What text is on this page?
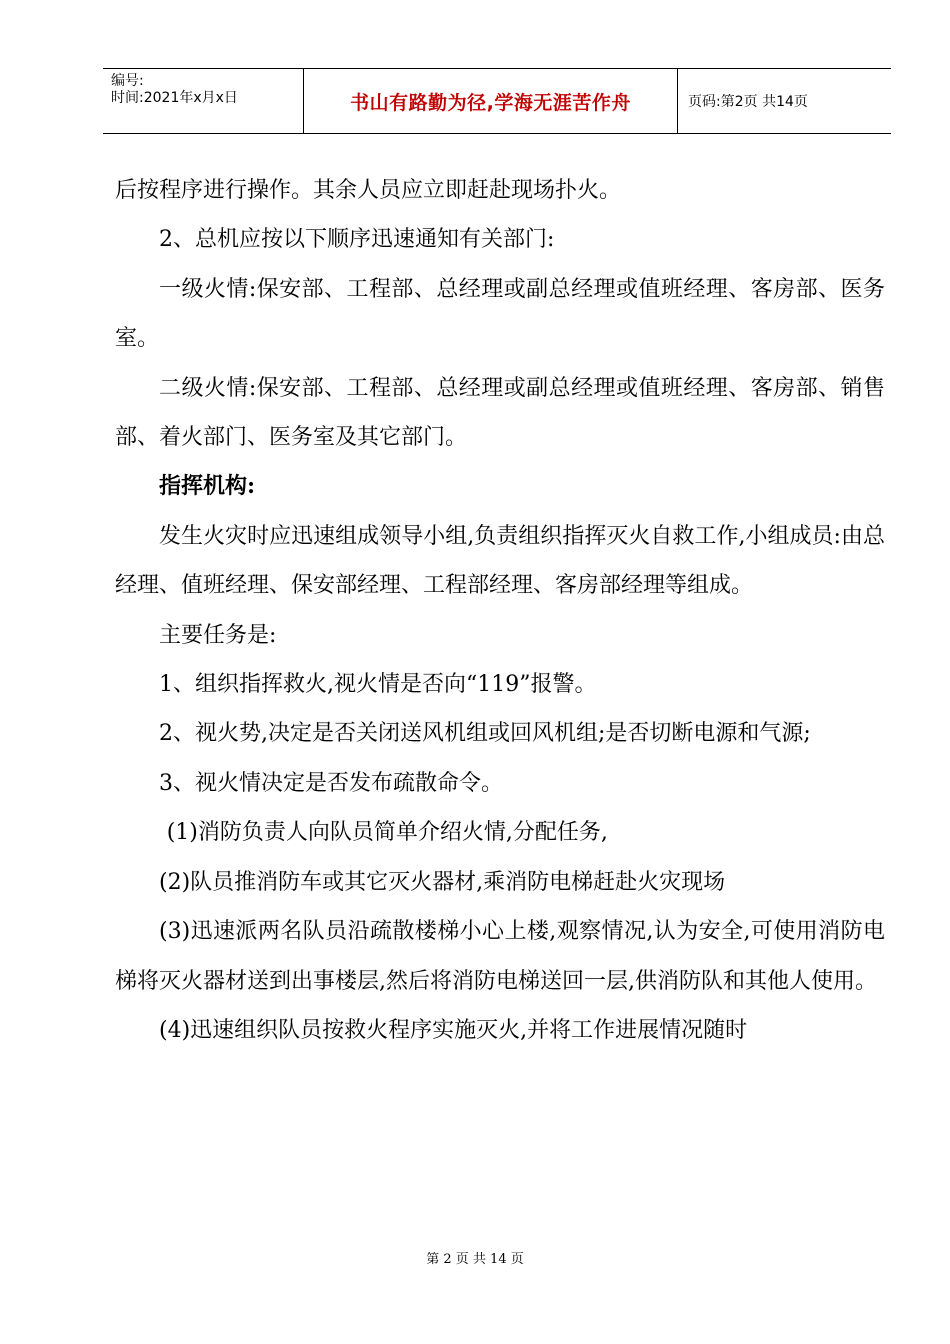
编号:
时间:2021年x月x日	书山有路勤为径,学海无涯苦作舟	页码:第2页 共14页

后按程序进行操作。其余人员应立即赶赴现场扑火。

2、总机应按以下顺序迅速通知有关部门:

一级火情:保安部、工程部、总经理或副总经理或值班经理、客房部、医务室。

二级火情:保安部、工程部、总经理或副总经理或值班经理、客房部、销售部、着火部门、医务室及其它部门。

指挥机构:

发生火灾时应迅速组成领导小组,负责组织指挥灭火自救工作,小组成员:由总经理、值班经理、保安部经理、工程部经理、客房部经理等组成。

主要任务是:

1、组织指挥救火,视火情是否向“119”报警。

2、视火势,决定是否关闭送风机组或回风机组;是否切断电源和气源;

3、视火情决定是否发布疏散命令。

(1)消防负责人向队员简单介绍火情,分配任务,

(2)队员推消防车或其它灭火器材,乘消防电梯赶赴火灾现场

(3)迅速派两名队员沿疏散楼梯小心上楼,观察情况,认为安全,可使用消防电梯将灭火器材送到出事楼层,然后将消防电梯送回一层,供消防队和其他人使用。

(4)迅速组织队员按救火程序实施灭火,并将工作进展情况随时

第 2 页 共 14 页
